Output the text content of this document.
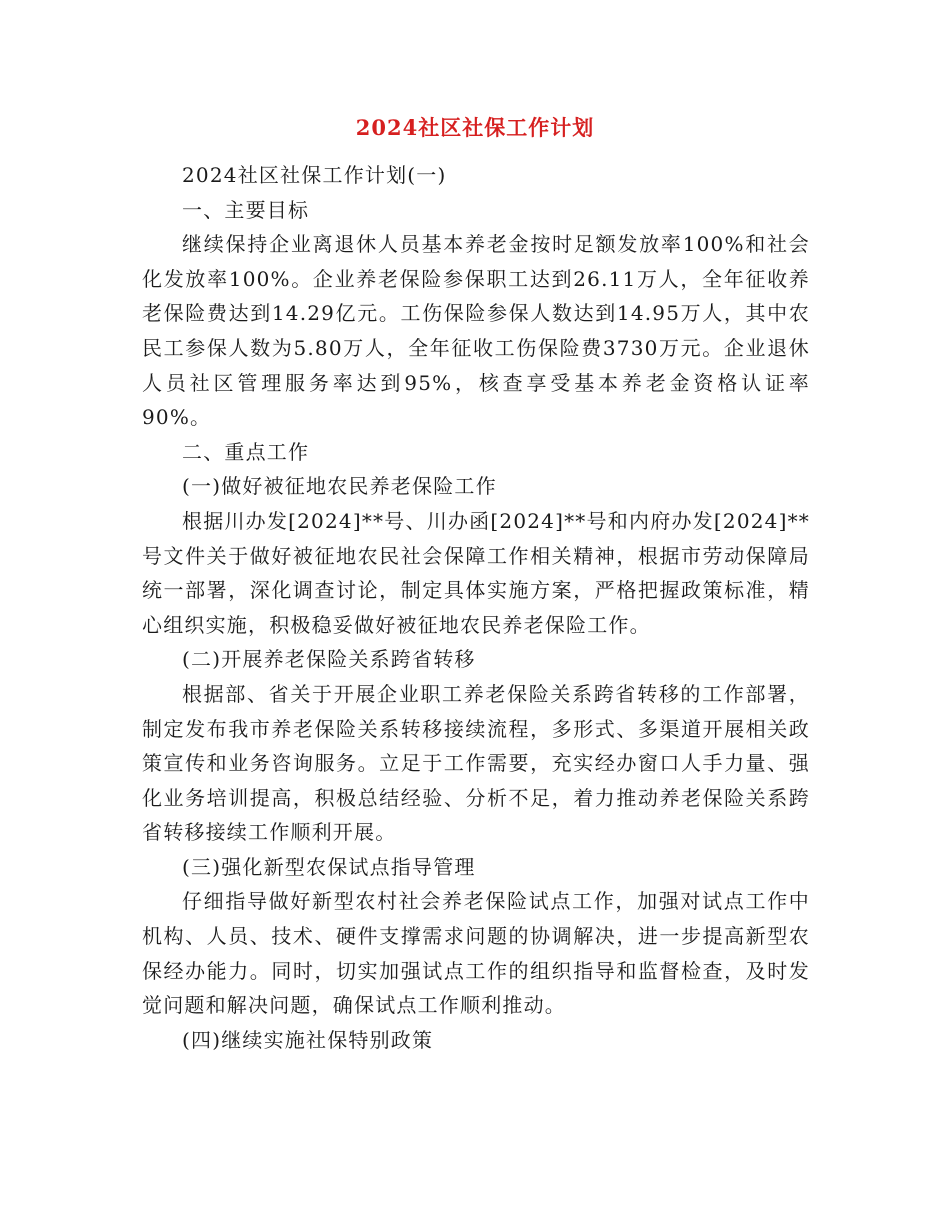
2024社区社保工作计划

2024社区社保工作计划(一)

一、主要目标

继续保持企业离退休人员基本养老金按时足额发放率100%和社会化发放率100%。企业养老保险参保职工达到26.11万人，全年征收养老保险费达到14.29亿元。工伤保险参保人数达到14.95万人，其中农民工参保人数为5.80万人，全年征收工伤保险费3730万元。企业退休人员社区管理服务率达到95%，核查享受基本养老金资格认证率90%。

二、重点工作

(一)做好被征地农民养老保险工作

根据川办发[2024]**号、川办函[2024]**号和内府办发[2024]**号文件关于做好被征地农民社会保障工作相关精神，根据市劳动保障局统一部署，深化调查讨论，制定具体实施方案，严格把握政策标准，精心组织实施，积极稳妥做好被征地农民养老保险工作。

(二)开展养老保险关系跨省转移

根据部、省关于开展企业职工养老保险关系跨省转移的工作部署，制定发布我市养老保险关系转移接续流程，多形式、多渠道开展相关政策宣传和业务咨询服务。立足于工作需要，充实经办窗口人手力量、强化业务培训提高，积极总结经验、分析不足，着力推动养老保险关系跨省转移接续工作顺利开展。

(三)强化新型农保试点指导管理

仔细指导做好新型农村社会养老保险试点工作，加强对试点工作中机构、人员、技术、硬件支撑需求问题的协调解决，进一步提高新型农保经办能力。同时，切实加强试点工作的组织指导和监督检查，及时发觉问题和解决问题，确保试点工作顺利推动。

(四)继续实施社保特别政策
